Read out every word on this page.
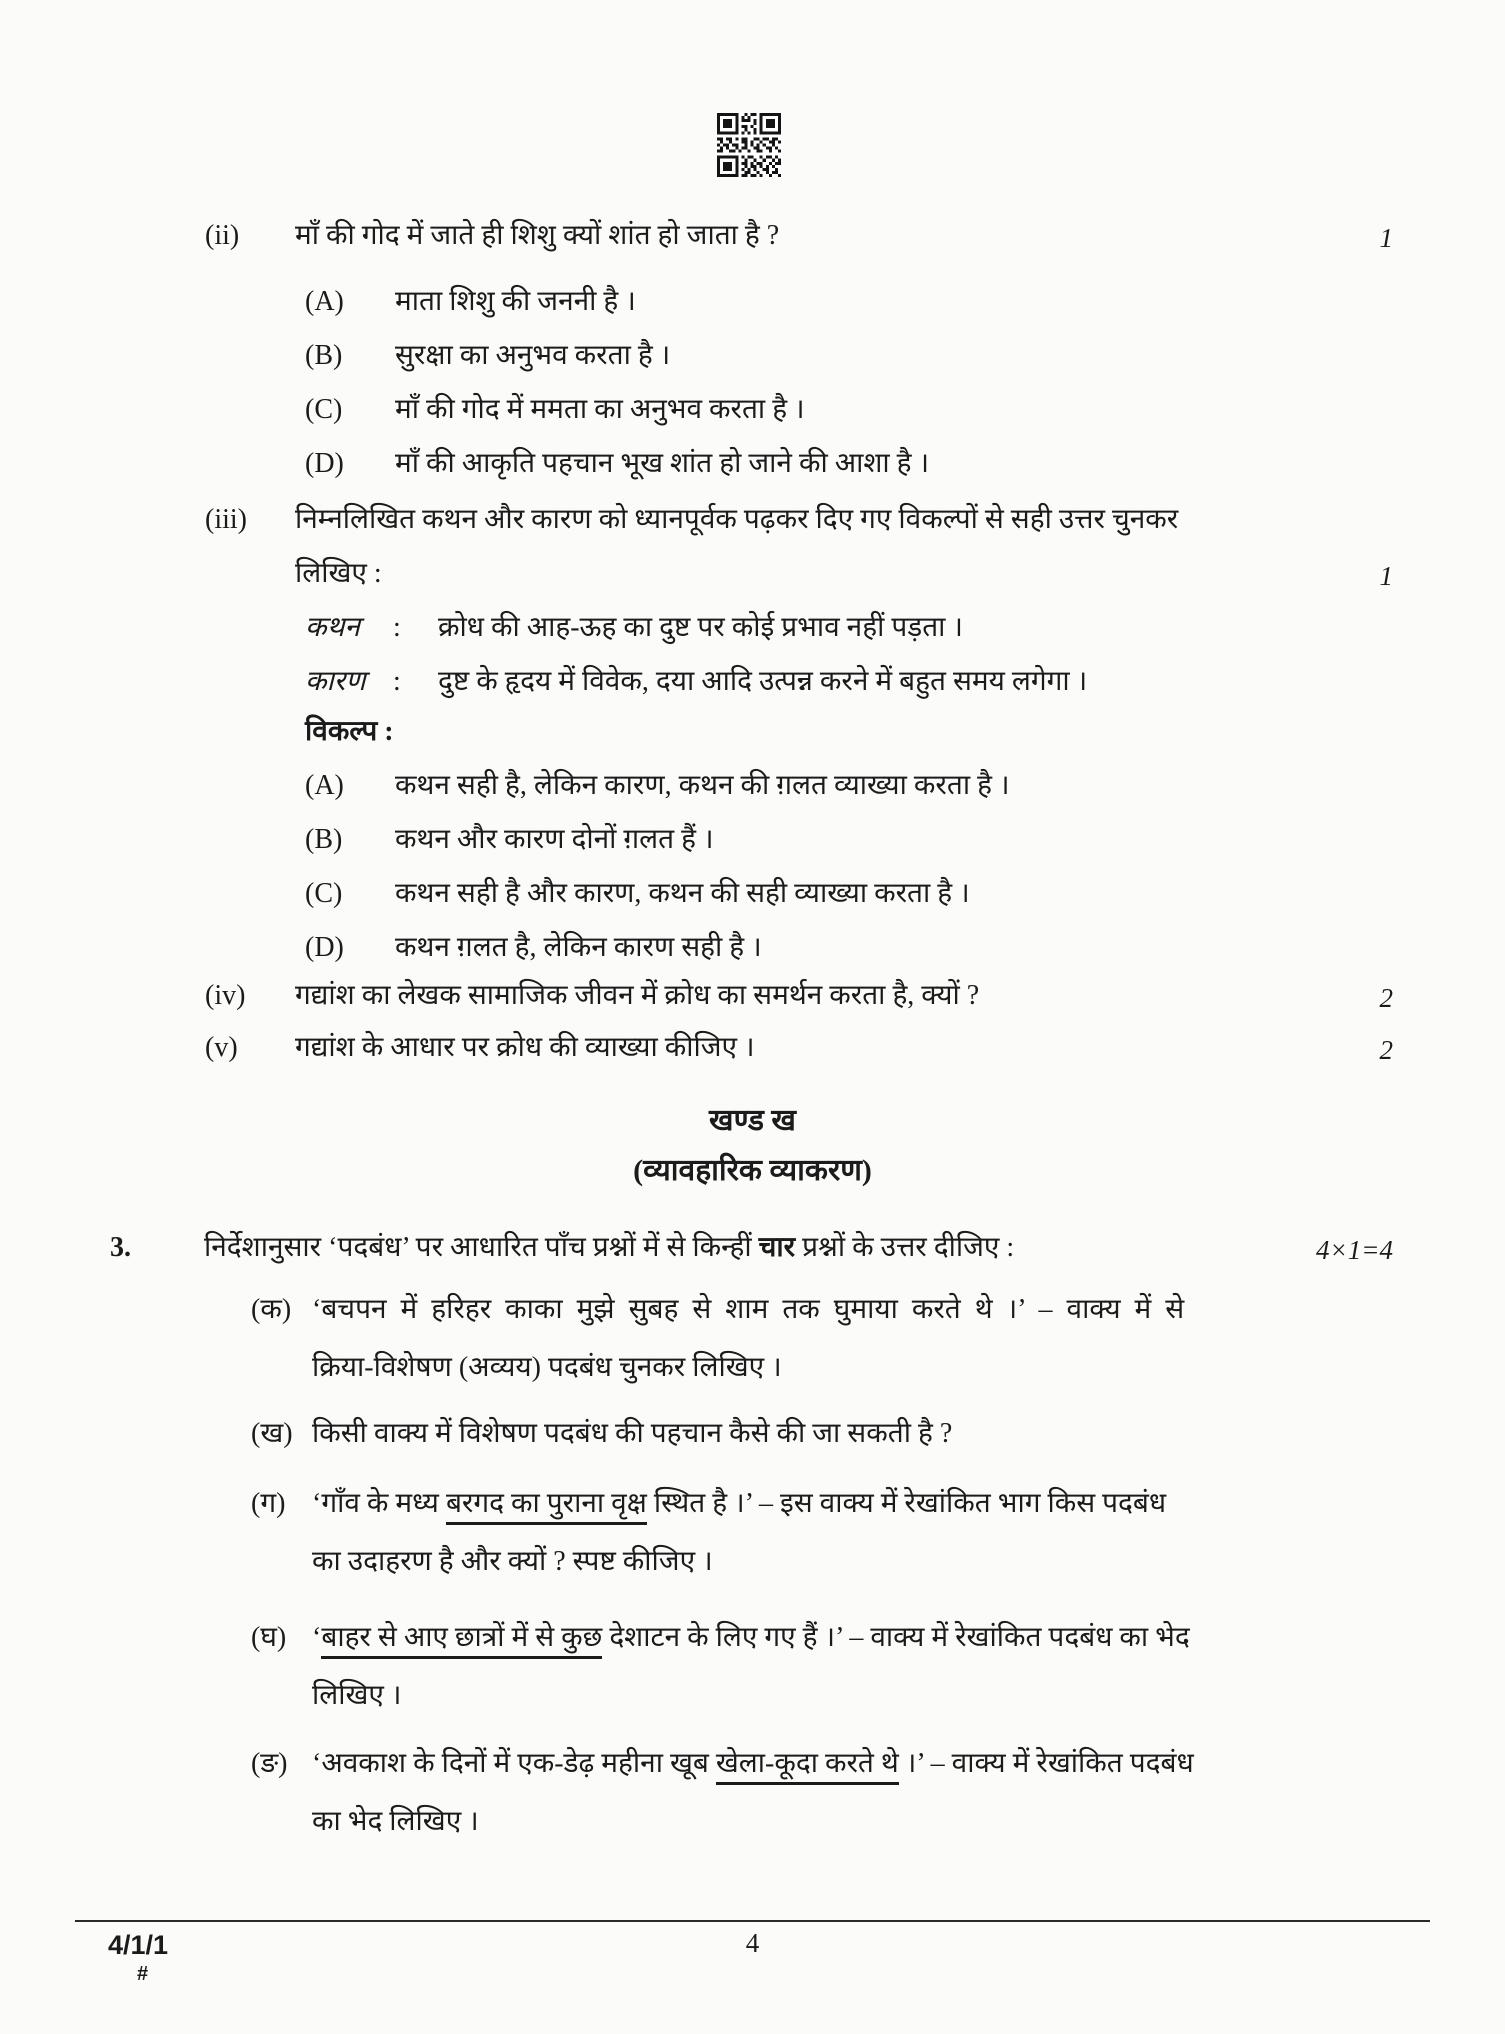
(ii)	माँ की गोद में जाते ही शिशु क्यों शांत हो जाता है ?
(A)	माता शिशु की जननी है ।
(B)	सुरक्षा का अनुभव करता है ।
(C)	माँ की गोद में ममता का अनुभव करता है ।
(D)	माँ की आकृति पहचान भूख शांत हो जाने की आशा है ।
1
(iii)	निम्नलिखित कथन और कारण को ध्यानपूर्वक पढ़कर दिए गए विकल्पों से सही उत्तर चुनकर
लिखिए :
कथन	:	क्रोध की आह-ऊह का दुष्ट पर कोई प्रभाव नहीं पड़ता ।
कारण :	दुष्ट के हृदय में विवेक, दया आदि उत्पन्न करने में बहुत समय लगेगा ।
विकल्प :
(A)	कथन सही है, लेकिन कारण, कथन की ग़लत व्याख्या करता है ।
(B)	कथन और कारण दोनों ग़लत हैं ।
(C)	कथन सही है और कारण, कथन की सही व्याख्या करता है ।
(D)	कथन ग़लत है, लेकिन कारण सही है ।
1
(iv)	गद्यांश का लेखक सामाजिक जीवन में क्रोध का समर्थन करता है, क्यों ?	2
(v)	गद्यांश के आधार पर क्रोध की व्याख्या कीजिए ।	2
खण्ड ख
(व्यावहारिक व्याकरण)
3.	निर्देशानुसार ‘पदबंध’ पर आधारित पाँच प्रश्नों में से किन्हीं चार प्रश्नों के उत्तर दीजिए :	4×1=4
(क) ‘बचपन में हरिहर काका मुझे सुबह से शाम तक घुमाया करते थे ।’ – वाक्य में से
क्रिया-विशेषण (अव्यय) पदबंध चुनकर लिखिए ।
(ख) किसी वाक्य में विशेषण पदबंध की पहचान कैसे की जा सकती है ?
(ग) ‘गाँव के मध्य बरगद का पुराना वृक्ष स्थित है ।’ – इस वाक्य में रेखांकित भाग किस पदबंध
का उदाहरण है और क्यों ? स्पष्ट कीजिए ।
(घ) ‘बाहर से आए छात्रों में से कुछ देशाटन के लिए गए हैं ।’ – वाक्य में रेखांकित पदबंध का भेद
लिखिए ।
(ङ) ‘अवकाश के दिनों में एक-डेढ़ महीना खूब खेला-कूदा करते थे ।’ – वाक्य में रेखांकित पदबंध
का भेद लिखिए ।
4/1/1
#
4
